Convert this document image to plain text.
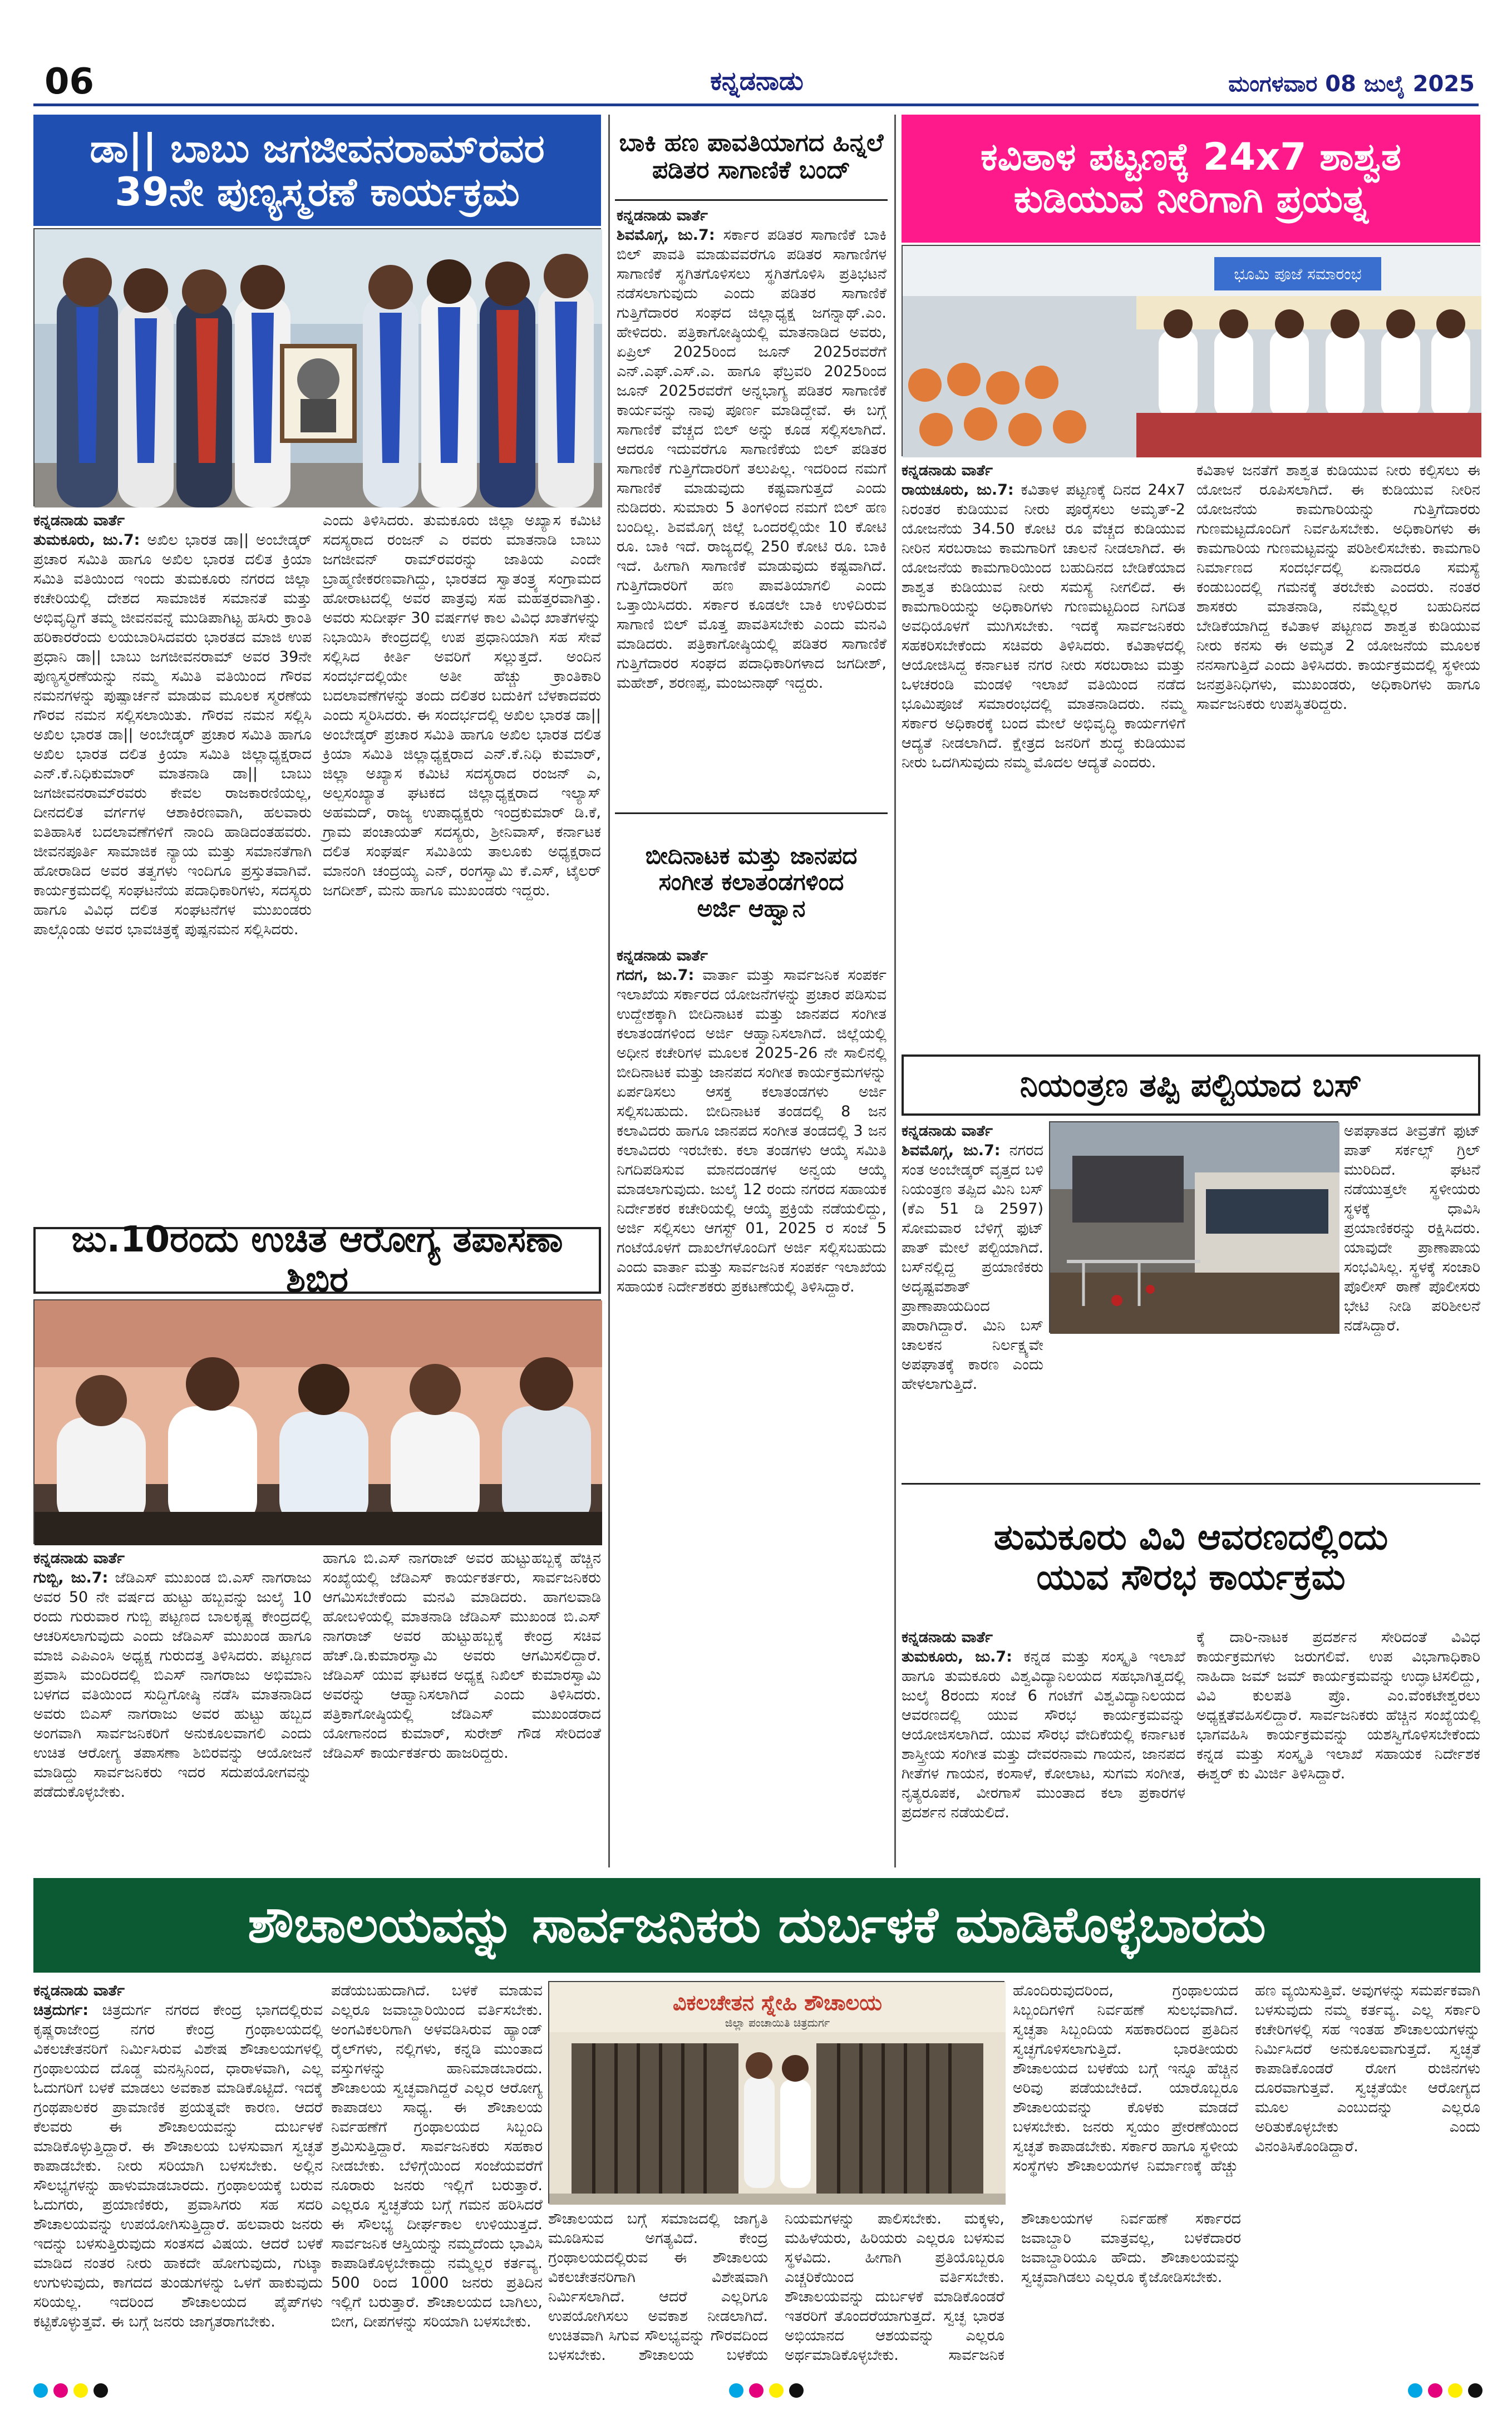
06	ಕನ್ನಡನಾಡು	ಮಂಗಳವಾರ 08 ಜುಲೈ 2025
ಡಾ|| ಬಾಬು ಜಗಜೀವನರಾಮ್‌ರವರ
39ನೇ ಪುಣ್ಯಸ್ಮರಣೆ ಕಾರ್ಯಕ್ರಮ
ಕನ್ನಡನಾಡು ವಾರ್ತೆ
ತುಮಕೂರು, ಜು.7: ಅಖಿಲ ಭಾರತ ಡಾ|| ಅಂಬೇಡ್ಕರ್ ಪ್ರಚಾರ ಸಮಿತಿ ಹಾಗೂ ಅಖಿಲ ಭಾರತ ದಲಿತ ಕ್ರಿಯಾ ಸಮಿತಿ ವತಿಯಿಂದ ಇಂದು ತುಮಕೂರು ನಗರದ ಜಿಲ್ಲಾ ಕಚೇರಿಯಲ್ಲಿ ದೇಶದ ಸಾಮಾಜಿಕ ಸಮಾನತೆ ಮತ್ತು ಅಭಿವೃದ್ಧಿಗೆ ತಮ್ಮ ಜೀವನವನ್ನೆ ಮುಡಿಪಾಗಿಟ್ಟ ಹಸಿರು ಕ್ರಾಂತಿ ಹರಿಕಾರರೆಂದು ಲಯಬಾರಿಸಿದವರು ಭಾರತದ ಮಾಜಿ ಉಪ ಪ್ರಧಾನಿ ಡಾ|| ಬಾಬು ಜಗಜೀವನರಾಮ್ ಅವರ 39ನೇ ಪುಣ್ಯಸ್ಮರಣೆಯನ್ನು ನಮ್ಮ ಸಮಿತಿ ವತಿಯಿಂದ ಗೌರವ ನಮನಗಳನ್ನು ಪುಷ್ಪಾರ್ಚನೆ ಮಾಡುವ ಮೂಲಕ ಸ್ಮರಣೆಯ ಗೌರವ ನಮನ ಸಲ್ಲಿಸಲಾಯಿತು. ಗೌರವ ನಮನ ಸಲ್ಲಿಸಿ ಅಖಿಲ ಭಾರತ ಡಾ|| ಅಂಬೇಡ್ಕರ್ ಪ್ರಚಾರ ಸಮಿತಿ ಹಾಗೂ ಅಖಿಲ ಭಾರತ ದಲಿತ ಕ್ರಿಯಾ ಸಮಿತಿ ಜಿಲ್ಲಾಧ್ಯಕ್ಷರಾದ ಎನ್.ಕೆ.ನಿಧಿಕುಮಾರ್ ಮಾತನಾಡಿ ಡಾ|| ಬಾಬು ಜಗಜೀವನರಾಮ್‌ರವರು ಕೇವಲ ರಾಜಕಾರಣಿಯಲ್ಲ, ದೀನದಲಿತ ವರ್ಗಗಳ ಆಶಾಕಿರಣವಾಗಿ, ಹಲವಾರು ಐತಿಹಾಸಿಕ ಬದಲಾವಣೆಗಳಿಗೆ ನಾಂದಿ ಹಾಡಿದಂತಹವರು. ಜೀವನಪೂರ್ತಿ ಸಾಮಾಜಿಕ ನ್ಯಾಯ ಮತ್ತು ಸಮಾನತೆಗಾಗಿ ಹೋರಾಡಿದ ಅವರ ತತ್ವಗಳು ಇಂದಿಗೂ ಪ್ರಸ್ತುತವಾಗಿವೆ. ಕಾರ್ಯಕ್ರಮದಲ್ಲಿ ಸಂಘಟನೆಯ ಪದಾಧಿಕಾರಿಗಳು, ಸದಸ್ಯರು ಹಾಗೂ ವಿವಿಧ ದಲಿತ ಸಂಘಟನೆಗಳ ಮುಖಂಡರು ಪಾಲ್ಗೊಂಡು ಅವರ ಭಾವಚಿತ್ರಕ್ಕೆ ಪುಷ್ಪನಮನ ಸಲ್ಲಿಸಿದರು.
ಎಂದು ತಿಳಿಸಿದರು. ತುಮಕೂರು ಜಿಲ್ಲಾ ಅಖ್ಯಾಸ ಕಮಿಟಿ ಸದಸ್ಯರಾದ ರಂಜನ್ ಎ ರವರು ಮಾತನಾಡಿ ಬಾಬು ಜಗಜೀವನ್ ರಾಮ್‌ರವರನ್ನು ಜಾತಿಯ ಎಂದೇ ಬ್ರಾಹ್ಮಣೀಕರಣವಾಗಿದ್ದು, ಭಾರತದ ಸ್ವಾತಂತ್ರ್ಯ ಸಂಗ್ರಾಮದ ಹೋರಾಟದಲ್ಲಿ ಅವರ ಪಾತ್ರವು ಸಹ ಮಹತ್ತರವಾಗಿತ್ತು. ಅವರು ಸುದೀರ್ಘ 30 ವರ್ಷಗಳ ಕಾಲ ವಿವಿಧ ಖಾತೆಗಳನ್ನು ನಿಭಾಯಿಸಿ ಕೇಂದ್ರದಲ್ಲಿ ಉಪ ಪ್ರಧಾನಿಯಾಗಿ ಸಹ ಸೇವೆ ಸಲ್ಲಿಸಿದ ಕೀರ್ತಿ ಅವರಿಗೆ ಸಲ್ಲುತ್ತದೆ. ಅಂದಿನ ಸಂದರ್ಭದಲ್ಲಿಯೇ ಅತೀ ಹೆಚ್ಚು ಕ್ರಾಂತಿಕಾರಿ ಬದಲಾವಣೆಗಳನ್ನು ತಂದು ದಲಿತರ ಬದುಕಿಗೆ ಬೆಳಕಾದವರು ಎಂದು ಸ್ಮರಿಸಿದರು. ಈ ಸಂದರ್ಭದಲ್ಲಿ ಅಖಿಲ ಭಾರತ ಡಾ|| ಅಂಬೇಡ್ಕರ್ ಪ್ರಚಾರ ಸಮಿತಿ ಹಾಗೂ ಅಖಿಲ ಭಾರತ ದಲಿತ ಕ್ರಿಯಾ ಸಮಿತಿ ಜಿಲ್ಲಾಧ್ಯಕ್ಷರಾದ ಎನ್.ಕೆ.ನಿಧಿ ಕುಮಾರ್, ಜಿಲ್ಲಾ ಅಖ್ಯಾಸ ಕಮಿಟಿ ಸದಸ್ಯರಾದ ರಂಜನ್ ಎ, ಅಲ್ಪಸಂಖ್ಯಾತ ಘಟಕದ ಜಿಲ್ಲಾಧ್ಯಕ್ಷರಾದ ಇಲ್ಯಾಸ್ ಅಹಮದ್, ರಾಜ್ಯ ಉಪಾಧ್ಯಕ್ಷರು ಇಂದ್ರಕುಮಾರ್ ಡಿ.ಕೆ, ಗ್ರಾಮ ಪಂಚಾಯತ್ ಸದಸ್ಯರು, ಶ್ರೀನಿವಾಸ್, ಕರ್ನಾಟಕ ದಲಿತ ಸಂಘರ್ಷ ಸಮಿತಿಯ ತಾಲೂಕು ಅಧ್ಯಕ್ಷರಾದ ಮಾನಂಗಿ ಚಂದ್ರಯ್ಯ ಎನ್, ರಂಗಸ್ವಾಮಿ ಕೆ.ಎಸ್, ಟೈಲರ್ ಜಗದೀಶ್, ಮನು ಹಾಗೂ ಮುಖಂಡರು ಇದ್ದರು.
ಜು.10ರಂದು ಉಚಿತ ಆರೋಗ್ಯ ತಪಾಸಣಾ ಶಿಬಿರ
ಕನ್ನಡನಾಡು ವಾರ್ತೆ
ಗುಬ್ಬಿ, ಜು.7: ಜೆಡಿಎಸ್ ಮುಖಂಡ ಬಿ.ಎಸ್ ನಾಗರಾಜು ಅವರ 50 ನೇ ವರ್ಷದ ಹುಟ್ಟು ಹಬ್ಬವನ್ನು ಜುಲೈ 10 ರಂದು ಗುರುವಾರ ಗುಬ್ಬಿ ಪಟ್ಟಣದ ಬಾಲಕೃಷ್ಣ ಕೇಂದ್ರದಲ್ಲಿ ಆಚರಿಸಲಾಗುವುದು ಎಂದು ಜೆಡಿಎಸ್ ಮುಖಂಡ ಹಾಗೂ ಮಾಜಿ ಎಪಿಎಂಸಿ ಅಧ್ಯಕ್ಷ ಗುರುದತ್ತ ತಿಳಿಸಿದರು. ಪಟ್ಟಣದ ಪ್ರವಾಸಿ ಮಂದಿರದಲ್ಲಿ ಬಿಎಸ್ ನಾಗರಾಜು ಅಭಿಮಾನಿ ಬಳಗದ ವತಿಯಿಂದ ಸುದ್ದಿಗೋಷ್ಠಿ ನಡೆಸಿ ಮಾತನಾಡಿದ ಅವರು ಬಿಎಸ್ ನಾಗರಾಜು ಅವರ ಹುಟ್ಟು ಹಬ್ಬದ ಅಂಗವಾಗಿ ಸಾರ್ವಜನಿಕರಿಗೆ ಅನುಕೂಲವಾಗಲಿ ಎಂದು ಉಚಿತ ಆರೋಗ್ಯ ತಪಾಸಣಾ ಶಿಬಿರವನ್ನು ಆಯೋಜನೆ ಮಾಡಿದ್ದು ಸಾರ್ವಜನಿಕರು ಇದರ ಸದುಪಯೋಗವನ್ನು ಪಡೆದುಕೊಳ್ಳಬೇಕು.
ಹಾಗೂ ಬಿ.ಎಸ್ ನಾಗರಾಜ್ ಅವರ ಹುಟ್ಟುಹಬ್ಬಕ್ಕೆ ಹೆಚ್ಚಿನ ಸಂಖ್ಯೆಯಲ್ಲಿ ಜೆಡಿಎಸ್ ಕಾರ್ಯಕರ್ತರು, ಸಾರ್ವಜನಿಕರು ಆಗಮಿಸಬೇಕೆಂದು ಮನವಿ ಮಾಡಿದರು. ಹಾಗಲವಾಡಿ ಹೋಬಳಿಯಲ್ಲಿ ಮಾತನಾಡಿ ಜೆಡಿಎಸ್ ಮುಖಂಡ ಬಿ.ಎಸ್ ನಾಗರಾಜ್ ಅವರ ಹುಟ್ಟುಹಬ್ಬಕ್ಕೆ ಕೇಂದ್ರ ಸಚಿವ ಹೆಚ್.ಡಿ.ಕುಮಾರಸ್ವಾಮಿ ಅವರು ಆಗಮಿಸಲಿದ್ದಾರೆ. ಜೆಡಿಎಸ್ ಯುವ ಘಟಕದ ಅಧ್ಯಕ್ಷ ನಿಖಿಲ್ ಕುಮಾರಸ್ವಾಮಿ ಅವರನ್ನು ಆಹ್ವಾನಿಸಲಾಗಿದೆ ಎಂದು ತಿಳಿಸಿದರು. ಪತ್ರಿಕಾಗೋಷ್ಠಿಯಲ್ಲಿ ಜೆಡಿಎಸ್ ಮುಖಂಡರಾದ ಯೋಗಾನಂದ ಕುಮಾರ್, ಸುರೇಶ್ ಗೌಡ ಸೇರಿದಂತೆ ಜೆಡಿಎಸ್ ಕಾರ್ಯಕರ್ತರು ಹಾಜರಿದ್ದರು.
ಬಾಕಿ ಹಣ ಪಾವತಿಯಾಗದ ಹಿನ್ನಲೆ
ಪಡಿತರ ಸಾಗಾಣಿಕೆ ಬಂದ್
ಕನ್ನಡನಾಡು ವಾರ್ತೆ
ಶಿವಮೊಗ್ಗ, ಜು.7: ಸರ್ಕಾರ ಪಡಿತರ ಸಾಗಾಣಿಕೆ ಬಾಕಿ ಬಿಲ್ ಪಾವತಿ ಮಾಡುವವರೆಗೂ ಪಡಿತರ ಸಾಗಾಣಿಗಳ ಸಾಗಾಣಿಕೆ ಸ್ಥಗಿತಗೊಳಿಸಲು ಸ್ಥಗಿತಗೊಳಿಸಿ ಪ್ರತಿಭಟನೆ ನಡೆಸಲಾಗುವುದು ಎಂದು ಪಡಿತರ ಸಾಗಾಣಿಕೆ ಗುತ್ತಿಗೆದಾರರ ಸಂಘದ ಜಿಲ್ಲಾಧ್ಯಕ್ಷ ಜಗನ್ನಾಥ್.ಎಂ. ಹೇಳಿದರು. ಪತ್ರಿಕಾಗೋಷ್ಠಿಯಲ್ಲಿ ಮಾತನಾಡಿದ ಅವರು, ಏಪ್ರಿಲ್ 2025ರಿಂದ ಜೂನ್ 2025ರವರೆಗೆ ಎನ್.ಎಫ್.ಎಸ್.ಎ. ಹಾಗೂ ಫೆಬ್ರವರಿ 2025ರಿಂದ ಜೂನ್ 2025ರವರೆಗೆ ಅನ್ನಭಾಗ್ಯ ಪಡಿತರ ಸಾಗಾಣಿಕೆ ಕಾರ್ಯವನ್ನು ನಾವು ಪೂರ್ಣ ಮಾಡಿದ್ದೇವೆ. ಈ ಬಗ್ಗೆ ಸಾಗಾಣಿಕೆ ವೆಚ್ಚದ ಬಿಲ್ ಅನ್ನು ಕೂಡ ಸಲ್ಲಿಸಲಾಗಿದೆ. ಆದರೂ ಇದುವರೆಗೂ ಸಾಗಾಣಿಕೆಯ ಬಿಲ್ ಪಡಿತರ ಸಾಗಾಣಿಕೆ ಗುತ್ತಿಗೆದಾರರಿಗೆ ತಲುಪಿಲ್ಲ. ಇದರಿಂದ ನಮಗೆ ಸಾಗಾಣಿಕೆ ಮಾಡುವುದು ಕಷ್ಟವಾಗುತ್ತದೆ ಎಂದು ನುಡಿದರು. ಸುಮಾರು 5 ತಿಂಗಳಿಂದ ನಮಗೆ ಬಿಲ್ ಹಣ ಬಂದಿಲ್ಲ. ಶಿವಮೊಗ್ಗ ಜಿಲ್ಲೆ ಒಂದರಲ್ಲಿಯೇ 10 ಕೋಟಿ ರೂ. ಬಾಕಿ ಇದೆ. ರಾಜ್ಯದಲ್ಲಿ 250 ಕೋಟಿ ರೂ. ಬಾಕಿ ಇದೆ. ಹೀಗಾಗಿ ಸಾಗಾಣಿಕೆ ಮಾಡುವುದು ಕಷ್ಟವಾಗಿದೆ. ಗುತ್ತಿಗೆದಾರರಿಗೆ ಹಣ ಪಾವತಿಯಾಗಲಿ ಎಂದು ಒತ್ತಾಯಿಸಿದರು. ಸರ್ಕಾರ ಕೂಡಲೇ ಬಾಕಿ ಉಳಿದಿರುವ ಸಾಗಾಣಿ ಬಿಲ್ ಮೊತ್ತ ಪಾವತಿಸಬೇಕು ಎಂದು ಮನವಿ ಮಾಡಿದರು. ಪತ್ರಿಕಾಗೋಷ್ಠಿಯಲ್ಲಿ ಪಡಿತರ ಸಾಗಾಣಿಕೆ ಗುತ್ತಿಗೆದಾರರ ಸಂಘದ ಪದಾಧಿಕಾರಿಗಳಾದ ಜಗದೀಶ್, ಮಹೇಶ್, ಶರಣಪ್ಪ, ಮಂಜುನಾಥ್ ಇದ್ದರು.
ಬೀದಿನಾಟಕ ಮತ್ತು ಜಾನಪದ
ಸಂಗೀತ ಕಲಾತಂಡಗಳಿಂದ
ಅರ್ಜಿ ಆಹ್ವಾನ
ಕನ್ನಡನಾಡು ವಾರ್ತೆ
ಗದಗ, ಜು.7: ವಾರ್ತಾ ಮತ್ತು ಸಾರ್ವಜನಿಕ ಸಂಪರ್ಕ ಇಲಾಖೆಯ ಸರ್ಕಾರದ ಯೋಜನೆಗಳನ್ನು ಪ್ರಚಾರ ಪಡಿಸುವ ಉದ್ದೇಶಕ್ಕಾಗಿ ಬೀದಿನಾಟಕ ಮತ್ತು ಜಾನಪದ ಸಂಗೀತ ಕಲಾತಂಡಗಳಿಂದ ಅರ್ಜಿ ಆಹ್ವಾನಿಸಲಾಗಿದೆ. ಜಿಲ್ಲೆಯಲ್ಲಿ ಅಧೀನ ಕಚೇರಿಗಳ ಮೂಲಕ 2025-26 ನೇ ಸಾಲಿನಲ್ಲಿ ಬೀದಿನಾಟಕ ಮತ್ತು ಜಾನಪದ ಸಂಗೀತ ಕಾರ್ಯಕ್ರಮಗಳನ್ನು ಏರ್ಪಡಿಸಲು ಆಸಕ್ತ ಕಲಾತಂಡಗಳು ಅರ್ಜಿ ಸಲ್ಲಿಸಬಹುದು. ಬೀದಿನಾಟಕ ತಂಡದಲ್ಲಿ 8 ಜನ ಕಲಾವಿದರು ಹಾಗೂ ಜಾನಪದ ಸಂಗೀತ ತಂಡದಲ್ಲಿ 3 ಜನ ಕಲಾವಿದರು ಇರಬೇಕು. ಕಲಾ ತಂಡಗಳು ಆಯ್ಕೆ ಸಮಿತಿ ನಿಗದಿಪಡಿಸುವ ಮಾನದಂಡಗಳ ಅನ್ವಯ ಆಯ್ಕೆ ಮಾಡಲಾಗುವುದು. ಜುಲೈ 12 ರಂದು ನಗರದ ಸಹಾಯಕ ನಿರ್ದೇಶಕರ ಕಚೇರಿಯಲ್ಲಿ ಆಯ್ಕೆ ಪ್ರಕ್ರಿಯೆ ನಡೆಯಲಿದ್ದು, ಅರ್ಜಿ ಸಲ್ಲಿಸಲು ಆಗಸ್ಟ್ 01, 2025 ರ ಸಂಜೆ 5 ಗಂಟೆಯೊಳಗೆ ದಾಖಲೆಗಳೊಂದಿಗೆ ಅರ್ಜಿ ಸಲ್ಲಿಸಬಹುದು ಎಂದು ವಾರ್ತಾ ಮತ್ತು ಸಾರ್ವಜನಿಕ ಸಂಪರ್ಕ ಇಲಾಖೆಯ ಸಹಾಯಕ ನಿರ್ದೇಶಕರು ಪ್ರಕಟಣೆಯಲ್ಲಿ ತಿಳಿಸಿದ್ದಾರೆ.
ಕವಿತಾಳ ಪಟ್ಟಣಕ್ಕೆ 24x7 ಶಾಶ್ವತ
ಕುಡಿಯುವ ನೀರಿಗಾಗಿ ಪ್ರಯತ್ನ
ಭೂಮಿ ಪೂಜೆ ಸಮಾರಂಭ
ಕನ್ನಡನಾಡು ವಾರ್ತೆ
ರಾಯಚೂರು, ಜು.7: ಕವಿತಾಳ ಪಟ್ಟಣಕ್ಕೆ ದಿನದ 24x7 ನಿರಂತರ ಕುಡಿಯುವ ನೀರು ಪೂರೈಸಲು ಅಮೃತ್-2 ಯೋಜನೆಯ 34.50 ಕೋಟಿ ರೂ ವೆಚ್ಚದ ಕುಡಿಯುವ ನೀರಿನ ಸರಬರಾಜು ಕಾಮಗಾರಿಗೆ ಚಾಲನೆ ನೀಡಲಾಗಿದೆ. ಈ ಯೋಜನೆಯ ಕಾಮಗಾರಿಯಿಂದ ಬಹುದಿನದ ಬೇಡಿಕೆಯಾದ ಶಾಶ್ವತ ಕುಡಿಯುವ ನೀರು ಸಮಸ್ಯೆ ನೀಗಲಿದೆ. ಈ ಕಾಮಗಾರಿಯನ್ನು ಅಧಿಕಾರಿಗಳು ಗುಣಮಟ್ಟದಿಂದ ನಿಗದಿತ ಅವಧಿಯೊಳಗೆ ಮುಗಿಸಬೇಕು. ಇದಕ್ಕೆ ಸಾರ್ವಜನಿಕರು ಸಹಕರಿಸಬೇಕೆಂದು ಸಚಿವರು ತಿಳಿಸಿದರು. ಕವಿತಾಳದಲ್ಲಿ ಆಯೋಜಿಸಿದ್ದ ಕರ್ನಾಟಕ ನಗರ ನೀರು ಸರಬರಾಜು ಮತ್ತು ಒಳಚರಂಡಿ ಮಂಡಳಿ ಇಲಾಖೆ ವತಿಯಿಂದ ನಡೆದ ಭೂಮಿಪೂಜೆ ಸಮಾರಂಭದಲ್ಲಿ ಮಾತನಾಡಿದರು. ನಮ್ಮ ಸರ್ಕಾರ ಅಧಿಕಾರಕ್ಕೆ ಬಂದ ಮೇಲೆ ಅಭಿವೃದ್ಧಿ ಕಾರ್ಯಗಳಿಗೆ ಆದ್ಯತೆ ನೀಡಲಾಗಿದೆ. ಕ್ಷೇತ್ರದ ಜನರಿಗೆ ಶುದ್ಧ ಕುಡಿಯುವ ನೀರು ಒದಗಿಸುವುದು ನಮ್ಮ ಮೊದಲ ಆದ್ಯತೆ ಎಂದರು.
ಕವಿತಾಳ ಜನತೆಗೆ ಶಾಶ್ವತ ಕುಡಿಯುವ ನೀರು ಕಲ್ಪಿಸಲು ಈ ಯೋಜನೆ ರೂಪಿಸಲಾಗಿದೆ. ಈ ಕುಡಿಯುವ ನೀರಿನ ಯೋಜನೆಯ ಕಾಮಗಾರಿಯನ್ನು ಗುತ್ತಿಗೆದಾರರು ಗುಣಮಟ್ಟದೊಂದಿಗೆ ನಿರ್ವಹಿಸಬೇಕು. ಅಧಿಕಾರಿಗಳು ಈ ಕಾಮಗಾರಿಯ ಗುಣಮಟ್ಟವನ್ನು ಪರಿಶೀಲಿಸಬೇಕು. ಕಾಮಗಾರಿ ನಿರ್ಮಾಣದ ಸಂದರ್ಭದಲ್ಲಿ ಏನಾದರೂ ಸಮಸ್ಯೆ ಕಂಡುಬಂದಲ್ಲಿ ಗಮನಕ್ಕೆ ತರಬೇಕು ಎಂದರು. ನಂತರ ಶಾಸಕರು ಮಾತನಾಡಿ, ನಮ್ಮೆಲ್ಲರ ಬಹುದಿನದ ಬೇಡಿಕೆಯಾಗಿದ್ದ ಕವಿತಾಳ ಪಟ್ಟಣದ ಶಾಶ್ವತ ಕುಡಿಯುವ ನೀರು ಕನಸು ಈ ಅಮೃತ 2 ಯೋಜನೆಯ ಮೂಲಕ ನನಸಾಗುತ್ತಿದೆ ಎಂದು ತಿಳಿಸಿದರು. ಕಾರ್ಯಕ್ರಮದಲ್ಲಿ ಸ್ಥಳೀಯ ಜನಪ್ರತಿನಿಧಿಗಳು, ಮುಖಂಡರು, ಅಧಿಕಾರಿಗಳು ಹಾಗೂ ಸಾರ್ವಜನಿಕರು ಉಪಸ್ಥಿತರಿದ್ದರು.
ನಿಯಂತ್ರಣ ತಪ್ಪಿ ಪಲ್ಟಿಯಾದ ಬಸ್
ಕನ್ನಡನಾಡು ವಾರ್ತೆ
ಶಿವಮೊಗ್ಗ, ಜು.7: ನಗರದ ಸಂತ ಅಂಬೇಡ್ಕರ್ ವೃತ್ತದ ಬಳಿ ನಿಯಂತ್ರಣ ತಪ್ಪಿದ ಮಿನಿ ಬಸ್ (ಕೆಎ 51 ಡಿ 2597) ಸೋಮವಾರ ಬೆಳಿಗ್ಗೆ ಫುಟ್ ಪಾತ್ ಮೇಲೆ ಪಲ್ಟಿಯಾಗಿದೆ. ಬಸ್‌ನಲ್ಲಿದ್ದ ಪ್ರಯಾಣಿಕರು ಅದೃಷ್ಟವಶಾತ್ ಪ್ರಾಣಾಪಾಯದಿಂದ ಪಾರಾಗಿದ್ದಾರೆ. ಮಿನಿ ಬಸ್ ಚಾಲಕನ ನಿರ್ಲಕ್ಷ್ಯವೇ ಅಪಘಾತಕ್ಕೆ ಕಾರಣ ಎಂದು ಹೇಳಲಾಗುತ್ತಿದೆ.
ಅಪಘಾತದ ತೀವ್ರತೆಗೆ ಫುಟ್ ಪಾತ್ ಸರ್ಕಲ್ಸ್ ಗ್ರಿಲ್ ಮುರಿದಿದೆ. ಘಟನೆ ನಡೆಯುತ್ತಲೇ ಸ್ಥಳೀಯರು ಸ್ಥಳಕ್ಕೆ ಧಾವಿಸಿ ಪ್ರಯಾಣಿಕರನ್ನು ರಕ್ಷಿಸಿದರು. ಯಾವುದೇ ಪ್ರಾಣಾಪಾಯ ಸಂಭವಿಸಿಲ್ಲ. ಸ್ಥಳಕ್ಕೆ ಸಂಚಾರಿ ಪೊಲೀಸ್ ಠಾಣೆ ಪೊಲೀಸರು ಭೇಟಿ ನೀಡಿ ಪರಿಶೀಲನೆ ನಡೆಸಿದ್ದಾರೆ.
ತುಮಕೂರು ವಿವಿ ಆವರಣದಲ್ಲಿಂದು
ಯುವ ಸೌರಭ ಕಾರ್ಯಕ್ರಮ
ಕನ್ನಡನಾಡು ವಾರ್ತೆ
ತುಮಕೂರು, ಜು.7: ಕನ್ನಡ ಮತ್ತು ಸಂಸ್ಕೃತಿ ಇಲಾಖೆ ಹಾಗೂ ತುಮಕೂರು ವಿಶ್ವವಿದ್ಯಾನಿಲಯದ ಸಹಭಾಗಿತ್ವದಲ್ಲಿ ಜುಲೈ 8ರಂದು ಸಂಜೆ 6 ಗಂಟೆಗೆ ವಿಶ್ವವಿದ್ಯಾನಿಲಯದ ಆವರಣದಲ್ಲಿ ಯುವ ಸೌರಭ ಕಾರ್ಯಕ್ರಮವನ್ನು ಆಯೋಜಿಸಲಾಗಿದೆ. ಯುವ ಸೌರಭ ವೇದಿಕೆಯಲ್ಲಿ ಕರ್ನಾಟಕ ಶಾಸ್ತ್ರೀಯ ಸಂಗೀತ ಮತ್ತು ದೇವರನಾಮ ಗಾಯನ, ಜಾನಪದ ಗೀತೆಗಳ ಗಾಯನ, ಕಂಸಾಳೆ, ಕೋಲಾಟ, ಸುಗಮ ಸಂಗೀತ, ನೃತ್ಯರೂಪಕ, ವೀರಗಾಸೆ ಮುಂತಾದ ಕಲಾ ಪ್ರಕಾರಗಳ ಪ್ರದರ್ಶನ ನಡೆಯಲಿದೆ.
ಕ್ಕೆ ದಾರಿ-ನಾಟಕ ಪ್ರದರ್ಶನ ಸೇರಿದಂತೆ ವಿವಿಧ ಕಾರ್ಯಕ್ರಮಗಳು ಜರುಗಲಿವೆ. ಉಪ ವಿಭಾಗಾಧಿಕಾರಿ ನಾಹಿದಾ ಜಮ್ ಜಮ್ ಕಾರ್ಯಕ್ರಮವನ್ನು ಉದ್ಘಾಟಿಸಲಿದ್ದು, ವಿವಿ ಕುಲಪತಿ ಪ್ರೊ. ಎಂ.ವೆಂಕಟೇಶ್ವರಲು ಅಧ್ಯಕ್ಷತೆವಹಿಸಲಿದ್ದಾರೆ. ಸಾರ್ವಜನಿಕರು ಹೆಚ್ಚಿನ ಸಂಖ್ಯೆಯಲ್ಲಿ ಭಾಗವಹಿಸಿ ಕಾರ್ಯಕ್ರಮವನ್ನು ಯಶಸ್ವಿಗೊಳಿಸಬೇಕೆಂದು ಕನ್ನಡ ಮತ್ತು ಸಂಸ್ಕೃತಿ ಇಲಾಖೆ ಸಹಾಯಕ ನಿರ್ದೇಶಕ ಈಶ್ವರ್ ಕು ಮಿರ್ಜಿ ತಿಳಿಸಿದ್ದಾರೆ.
ಶೌಚಾಲಯವನ್ನು ಸಾರ್ವಜನಿಕರು ದುರ್ಬಳಕೆ ಮಾಡಿಕೊಳ್ಳಬಾರದು
ಕನ್ನಡನಾಡು ವಾರ್ತೆ
ಚಿತ್ರದುರ್ಗ: ಚಿತ್ರದುರ್ಗ ನಗರದ ಕೇಂದ್ರ ಭಾಗದಲ್ಲಿರುವ ಕೃಷ್ಣರಾಜೇಂದ್ರ ನಗರ ಕೇಂದ್ರ ಗ್ರಂಥಾಲಯದಲ್ಲಿ ವಿಕಲಚೇತನರಿಗೆ ನಿರ್ಮಿಸಿರುವ ವಿಶೇಷ ಶೌಚಾಲಯಗಳಲ್ಲಿ ಗ್ರಂಥಾಲಯದ ದೊಡ್ಡ ಮನಸ್ಸಿನಿಂದ, ಧಾರಾಳವಾಗಿ, ಎಲ್ಲ ಓದುಗರಿಗೆ ಬಳಕೆ ಮಾಡಲು ಅವಕಾಶ ಮಾಡಿಕೊಟ್ಟಿದೆ. ಇದಕ್ಕೆ ಗ್ರಂಥಪಾಲಕರ ಪ್ರಾಮಾಣಿಕ ಪ್ರಯತ್ನವೇ ಕಾರಣ. ಆದರೆ ಕೆಲವರು ಈ ಶೌಚಾಲಯವನ್ನು ದುರ್ಬಳಕೆ ಮಾಡಿಕೊಳ್ಳುತ್ತಿದ್ದಾರೆ. ಈ ಶೌಚಾಲಯ ಬಳಸುವಾಗ ಸ್ವಚ್ಛತೆ ಕಾಪಾಡಬೇಕು. ನೀರು ಸರಿಯಾಗಿ ಬಳಸಬೇಕು. ಅಲ್ಲಿನ ಸೌಲಭ್ಯಗಳನ್ನು ಹಾಳುಮಾಡಬಾರದು. ಗ್ರಂಥಾಲಯಕ್ಕೆ ಬರುವ ಓದುಗರು, ಪ್ರಯಾಣಿಕರು, ಪ್ರವಾಸಿಗರು ಸಹ ಸದರಿ ಶೌಚಾಲಯವನ್ನು ಉಪಯೋಗಿಸುತ್ತಿದ್ದಾರೆ. ಹಲವಾರು ಜನರು ಇದನ್ನು ಬಳಸುತ್ತಿರುವುದು ಸಂತಸದ ವಿಷಯ. ಆದರೆ ಬಳಕೆ ಮಾಡಿದ ನಂತರ ನೀರು ಹಾಕದೇ ಹೋಗುವುದು, ಗುಟ್ಕಾ ಉಗುಳುವುದು, ಕಾಗದದ ತುಂಡುಗಳನ್ನು ಒಳಗೆ ಹಾಕುವುದು ಸರಿಯಲ್ಲ. ಇದರಿಂದ ಶೌಚಾಲಯದ ಪೈಪ್‌ಗಳು ಕಟ್ಟಿಕೊಳ್ಳುತ್ತವೆ. ಈ ಬಗ್ಗೆ ಜನರು ಜಾಗೃತರಾಗಬೇಕು.
ಪಡೆಯಬಹುದಾಗಿದೆ. ಬಳಕೆ ಮಾಡುವ ಎಲ್ಲರೂ ಜವಾಬ್ದಾರಿಯಿಂದ ವರ್ತಿಸಬೇಕು. ಅಂಗವಿಕಲರಿಗಾಗಿ ಅಳವಡಿಸಿರುವ ಹ್ಯಾಂಡ್ ರೈಲ್‌ಗಳು, ನಲ್ಲಿಗಳು, ಕನ್ನಡಿ ಮುಂತಾದ ವಸ್ತುಗಳನ್ನು ಹಾನಿಮಾಡಬಾರದು. ಶೌಚಾಲಯ ಸ್ವಚ್ಛವಾಗಿದ್ದರೆ ಎಲ್ಲರ ಆರೋಗ್ಯ ಕಾಪಾಡಲು ಸಾಧ್ಯ. ಈ ಶೌಚಾಲಯ ನಿರ್ವಹಣೆಗೆ ಗ್ರಂಥಾಲಯದ ಸಿಬ್ಬಂದಿ ಶ್ರಮಿಸುತ್ತಿದ್ದಾರೆ. ಸಾರ್ವಜನಿಕರು ಸಹಕಾರ ನೀಡಬೇಕು. ಬೆಳಿಗ್ಗೆಯಿಂದ ಸಂಜೆಯವರೆಗೆ ನೂರಾರು ಜನರು ಇಲ್ಲಿಗೆ ಬರುತ್ತಾರೆ. ಎಲ್ಲರೂ ಸ್ವಚ್ಛತೆಯ ಬಗ್ಗೆ ಗಮನ ಹರಿಸಿದರೆ ಈ ಸೌಲಭ್ಯ ದೀರ್ಘಕಾಲ ಉಳಿಯುತ್ತದೆ. ಸಾರ್ವಜನಿಕ ಆಸ್ತಿಯನ್ನು ನಮ್ಮದೆಂದು ಭಾವಿಸಿ ಕಾಪಾಡಿಕೊಳ್ಳಬೇಕಾದ್ದು ನಮ್ಮೆಲ್ಲರ ಕರ್ತವ್ಯ. 500 ರಿಂದ 1000 ಜನರು ಪ್ರತಿದಿನ ಇಲ್ಲಿಗೆ ಬರುತ್ತಾರೆ. ಶೌಚಾಲಯದ ಬಾಗಿಲು, ಬೀಗ, ದೀಪಗಳನ್ನು ಸರಿಯಾಗಿ ಬಳಸಬೇಕು.
ವಿಕಲಚೇತನ ಸ್ನೇಹಿ ಶೌಚಾಲಯ
ಜಿಲ್ಲಾ ಪಂಚಾಯಿತಿ ಚಿತ್ರದುರ್ಗ
ಶೌಚಾಲಯದ ಬಗ್ಗೆ ಸಮಾಜದಲ್ಲಿ ಜಾಗೃತಿ ಮೂಡಿಸುವ ಅಗತ್ಯವಿದೆ. ಕೇಂದ್ರ ಗ್ರಂಥಾಲಯದಲ್ಲಿರುವ ಈ ಶೌಚಾಲಯ ವಿಕಲಚೇತನರಿಗಾಗಿ ವಿಶೇಷವಾಗಿ ನಿರ್ಮಿಸಲಾಗಿದೆ. ಆದರೆ ಎಲ್ಲರಿಗೂ ಉಪಯೋಗಿಸಲು ಅವಕಾಶ ನೀಡಲಾಗಿದೆ. ಉಚಿತವಾಗಿ ಸಿಗುವ ಸೌಲಭ್ಯವನ್ನು ಗೌರವದಿಂದ ಬಳಸಬೇಕು. ಶೌಚಾಲಯ ಬಳಕೆಯ ನಿಯಮಗಳನ್ನು ಪಾಲಿಸಬೇಕು. ಮಕ್ಕಳು, ಮಹಿಳೆಯರು, ಹಿರಿಯರು ಎಲ್ಲರೂ ಬಳಸುವ ಸ್ಥಳವಿದು. ಹೀಗಾಗಿ ಪ್ರತಿಯೊಬ್ಬರೂ ಎಚ್ಚರಿಕೆಯಿಂದ ವರ್ತಿಸಬೇಕು. ಶೌಚಾಲಯವನ್ನು ದುರ್ಬಳಕೆ ಮಾಡಿಕೊಂಡರೆ ಇತರರಿಗೆ ತೊಂದರೆಯಾಗುತ್ತದೆ. ಸ್ವಚ್ಛ ಭಾರತ ಅಭಿಯಾನದ ಆಶಯವನ್ನು ಎಲ್ಲರೂ ಅರ್ಥಮಾಡಿಕೊಳ್ಳಬೇಕು. ಸಾರ್ವಜನಿಕ ಶೌಚಾಲಯಗಳ ನಿರ್ವಹಣೆ ಸರ್ಕಾರದ ಜವಾಬ್ದಾರಿ ಮಾತ್ರವಲ್ಲ, ಬಳಕೆದಾರರ ಜವಾಬ್ದಾರಿಯೂ ಹೌದು. ಶೌಚಾಲಯವನ್ನು ಸ್ವಚ್ಛವಾಗಿಡಲು ಎಲ್ಲರೂ ಕೈಜೋಡಿಸಬೇಕು.
ಹೊಂದಿರುವುದರಿಂದ, ಗ್ರಂಥಾಲಯದ ಸಿಬ್ಬಂದಿಗಳಿಗೆ ನಿರ್ವಹಣೆ ಸುಲಭವಾಗಿದೆ. ಸ್ವಚ್ಛತಾ ಸಿಬ್ಬಂದಿಯ ಸಹಕಾರದಿಂದ ಪ್ರತಿದಿನ ಸ್ವಚ್ಛಗೊಳಿಸಲಾಗುತ್ತಿದೆ. ಭಾರತೀಯರು ಶೌಚಾಲಯದ ಬಳಕೆಯ ಬಗ್ಗೆ ಇನ್ನೂ ಹೆಚ್ಚಿನ ಅರಿವು ಪಡೆಯಬೇಕಿದೆ. ಯಾರೊಬ್ಬರೂ ಶೌಚಾಲಯವನ್ನು ಕೊಳಕು ಮಾಡದೆ ಬಳಸಬೇಕು. ಜನರು ಸ್ವಯಂ ಪ್ರೇರಣೆಯಿಂದ ಸ್ವಚ್ಛತೆ ಕಾಪಾಡಬೇಕು. ಸರ್ಕಾರ ಹಾಗೂ ಸ್ಥಳೀಯ ಸಂಸ್ಥೆಗಳು ಶೌಚಾಲಯಗಳ ನಿರ್ಮಾಣಕ್ಕೆ ಹೆಚ್ಚು ಹಣ ವ್ಯಯಿಸುತ್ತಿವೆ. ಅವುಗಳನ್ನು ಸಮರ್ಪಕವಾಗಿ ಬಳಸುವುದು ನಮ್ಮ ಕರ್ತವ್ಯ. ಎಲ್ಲ ಸರ್ಕಾರಿ ಕಚೇರಿಗಳಲ್ಲಿ ಸಹ ಇಂತಹ ಶೌಚಾಲಯಗಳನ್ನು ನಿರ್ಮಿಸಿದರೆ ಅನುಕೂಲವಾಗುತ್ತದೆ. ಸ್ವಚ್ಛತೆ ಕಾಪಾಡಿಕೊಂಡರೆ ರೋಗ ರುಜಿನಗಳು ದೂರವಾಗುತ್ತವೆ. ಸ್ವಚ್ಛತೆಯೇ ಆರೋಗ್ಯದ ಮೂಲ ಎಂಬುದನ್ನು ಎಲ್ಲರೂ ಅರಿತುಕೊಳ್ಳಬೇಕು ಎಂದು ವಿನಂತಿಸಿಕೊಂಡಿದ್ದಾರೆ.
